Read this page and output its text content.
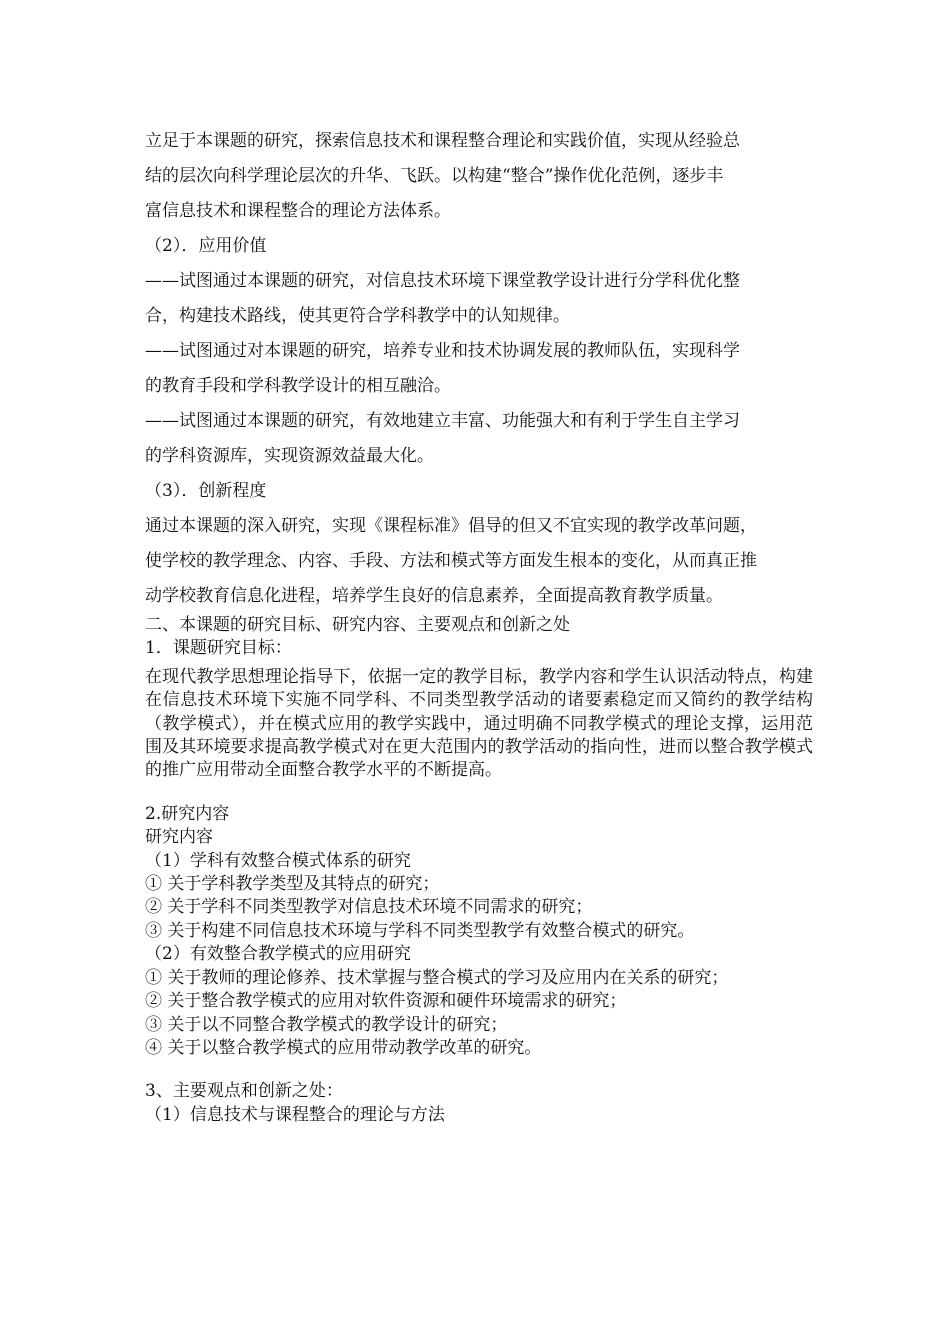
立足于本课题的研究，探索信息技术和课程整合理论和实践价值，实现从经验总

结的层次向科学理论层次的升华、飞跃。以构建“整合”操作优化范例，逐步丰

富信息技术和课程整合的理论方法体系。

（2）．应用价值

——试图通过本课题的研究，对信息技术环境下课堂教学设计进行分学科优化整

合，构建技术路线，使其更符合学科教学中的认知规律。

——试图通过对本课题的研究，培养专业和技术协调发展的教师队伍，实现科学

的教育手段和学科教学设计的相互融洽。

——试图通过本课题的研究，有效地建立丰富、功能强大和有利于学生自主学习

的学科资源库，实现资源效益最大化。

（3）．创新程度

通过本课题的深入研究，实现《课程标准》倡导的但又不宜实现的教学改革问题，

使学校的教学理念、内容、手段、方法和模式等方面发生根本的变化，从而真正推

动学校教育信息化进程，培养学生良好的信息素养，全面提高教育教学质量。

二、本课题的研究目标、研究内容、主要观点和创新之处

1．课题研究目标：

在现代教学思想理论指导下，依据一定的教学目标，教学内容和学生认识活动特点，构建在信息技术环境下实施不同学科、不同类型教学活动的诸要素稳定而又简约的教学结构（教学模式），并在模式应用的教学实践中，通过明确不同教学模式的理论支撑，运用范围及其环境要求提高教学模式对在更大范围内的教学活动的指向性，进而以整合教学模式的推广应用带动全面整合教学水平的不断提高。

2.研究内容

研究内容

（1）学科有效整合模式体系的研究

① 关于学科教学类型及其特点的研究；

② 关于学科不同类型教学对信息技术环境不同需求的研究；

③ 关于构建不同信息技术环境与学科不同类型教学有效整合模式的研究。

（2）有效整合教学模式的应用研究

① 关于教师的理论修养、技术掌握与整合模式的学习及应用内在关系的研究；

② 关于整合教学模式的应用对软件资源和硬件环境需求的研究；

③ 关于以不同整合教学模式的教学设计的研究；

④ 关于以整合教学模式的应用带动教学改革的研究。

3、主要观点和创新之处：

（1）信息技术与课程整合的理论与方法
